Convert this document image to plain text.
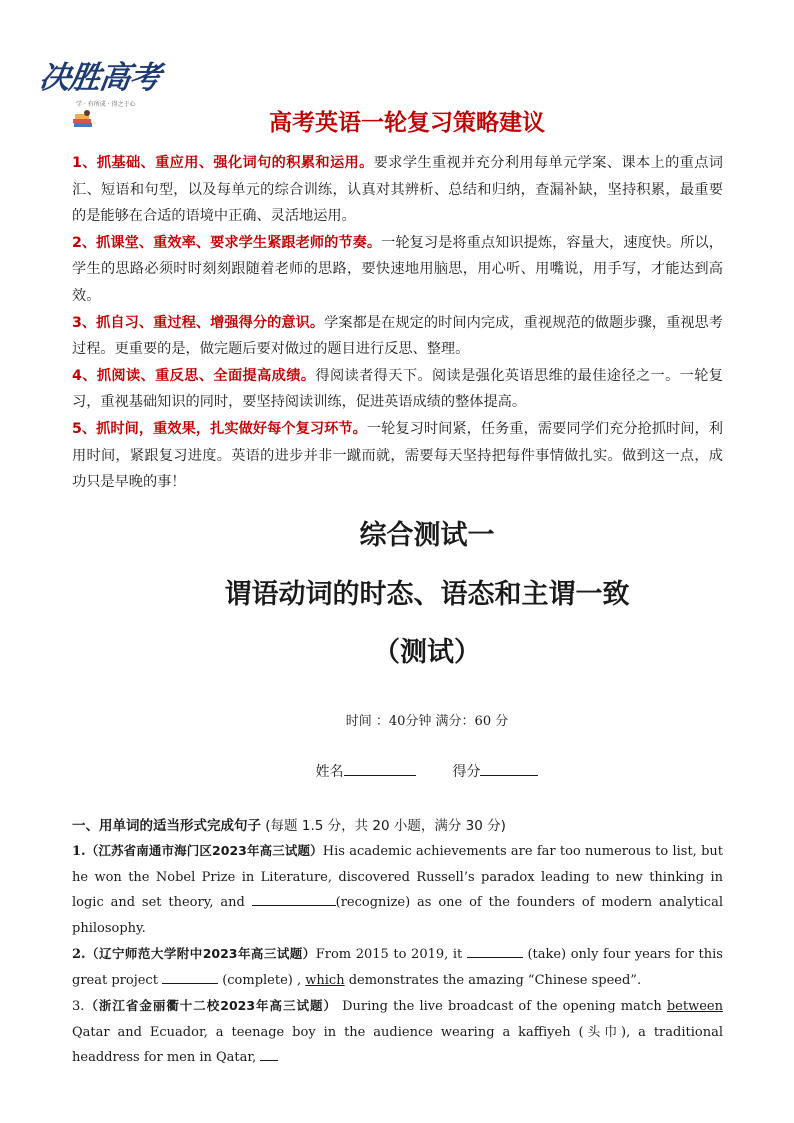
决胜高考
学 · 有所成 · 得之于心
高考英语一轮复习策略建议

1、抓基础、重应用、强化词句的积累和运用。要求学生重视并充分利用每单元学案、课本上的重点词汇、短语和句型，以及每单元的综合训练，认真对其辨析、总结和归纳，查漏补缺，坚持积累，最重要的是能够在合适的语境中正确、灵活地运用。

2、抓课堂、重效率、要求学生紧跟老师的节奏。一轮复习是将重点知识提炼，容量大，速度快。所以，学生的思路必须时时刻刻跟随着老师的思路，要快速地用脑思，用心听、用嘴说，用手写，才能达到高效。

3、抓自习、重过程、增强得分的意识。学案都是在规定的时间内完成，重视规范的做题步骤，重视思考过程。更重要的是，做完题后要对做过的题目进行反思、整理。

4、抓阅读、重反思、全面提高成绩。得阅读者得天下。阅读是强化英语思维的最佳途径之一。一轮复习，重视基础知识的同时，要坚持阅读训练，促进英语成绩的整体提高。

5、抓时间，重效果，扎实做好每个复习环节。一轮复习时间紧，任务重，需要同学们充分抢抓时间，利用时间，紧跟复习进度。英语的进步并非一蹴而就，需要每天坚持把每件事情做扎实。做到这一点，成功只是早晚的事！

综合测试一
谓语动词的时态、语态和主谓一致
（测试）
时间 ：40分钟 满分：60 分
姓名	得分
一、用单词的适当形式完成句子 (每题 1.5 分，共 20 小题，满分 30 分)

1.（江苏省南通市海门区2023年高三试题）His academic achievements are far too numerous to list, but he won the Nobel Prize in Literature, discovered Russell’s paradox leading to new thinking in logic and set theory, and	(recognize) as one of the founders of modern analytical philosophy.

2.（辽宁师范大学附中2023年高三试题）From 2015 to 2019, it	(take) only four years for this great project	(complete) , which demonstrates the amazing “Chinese speed”.

3.（浙江省金丽衢十二校2023年高三试题） During the live broadcast of the opening match between Qatar and Ecuador, a teenage boy in the audience wearing a kaffiyeh (头巾), a traditional headdress for men in Qatar,
